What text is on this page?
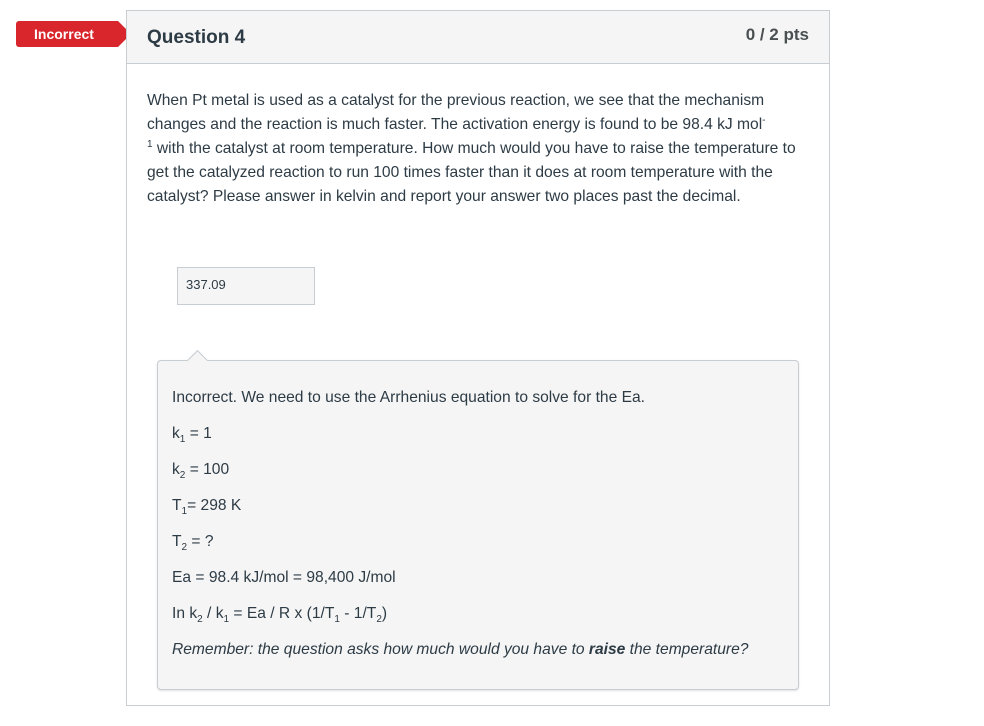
Incorrect	Question 4	0 / 2 pts
When Pt metal is used as a catalyst for the previous reaction, we see that the mechanism changes and the reaction is much faster. The activation energy is found to be 98.4 kJ mol-
$^1$ with the catalyst at room temperature. How much would you have to raise the temperature to get the catalyzed reaction to run 100 times faster than it does at room temperature with the catalyst? Please answer in kelvin and report your answer two places past the decimal.
337.09
Incorrect. We need to use the Arrhenius equation to solve for the Ea.
$k_1 = 1$
$k_2 = 100$
$T_1= 298$ K
$T_2$ = ?
Ea = 98.4 kJ/mol = 98,400 J/mol
In $k_2 / k_1 = Ea / R$ x $(1/T_1 - 1/T_2)$
Remember: the question asks how much would you have to raise the temperature?
